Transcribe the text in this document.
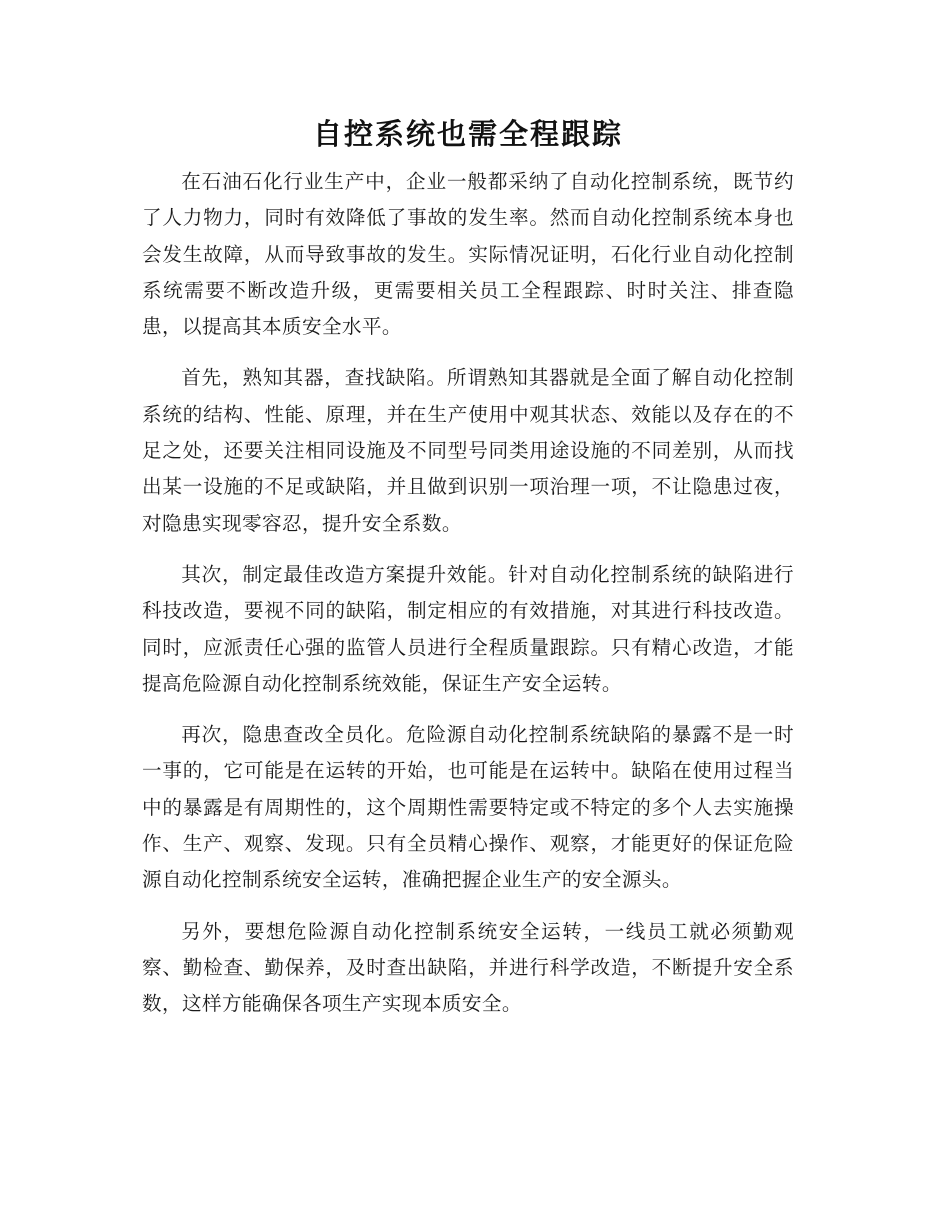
自控系统也需全程跟踪

在石油石化行业生产中，企业一般都采纳了自动化控制系统，既节约了人力物力，同时有效降低了事故的发生率。然而自动化控制系统本身也会发生故障，从而导致事故的发生。实际情况证明，石化行业自动化控制系统需要不断改造升级，更需要相关员工全程跟踪、时时关注、排查隐患，以提高其本质安全水平。

首先，熟知其器，查找缺陷。所谓熟知其器就是全面了解自动化控制系统的结构、性能、原理，并在生产使用中观其状态、效能以及存在的不足之处，还要关注相同设施及不同型号同类用途设施的不同差别，从而找出某一设施的不足或缺陷，并且做到识别一项治理一项，不让隐患过夜，对隐患实现零容忍，提升安全系数。

其次，制定最佳改造方案提升效能。针对自动化控制系统的缺陷进行科技改造，要视不同的缺陷，制定相应的有效措施，对其进行科技改造。同时，应派责任心强的监管人员进行全程质量跟踪。只有精心改造，才能提高危险源自动化控制系统效能，保证生产安全运转。

再次，隐患查改全员化。危险源自动化控制系统缺陷的暴露不是一时一事的，它可能是在运转的开始，也可能是在运转中。缺陷在使用过程当中的暴露是有周期性的，这个周期性需要特定或不特定的多个人去实施操作、生产、观察、发现。只有全员精心操作、观察，才能更好的保证危险源自动化控制系统安全运转，准确把握企业生产的安全源头。

另外，要想危险源自动化控制系统安全运转，一线员工就必须勤观察、勤检查、勤保养，及时查出缺陷，并进行科学改造，不断提升安全系数，这样方能确保各项生产实现本质安全。
